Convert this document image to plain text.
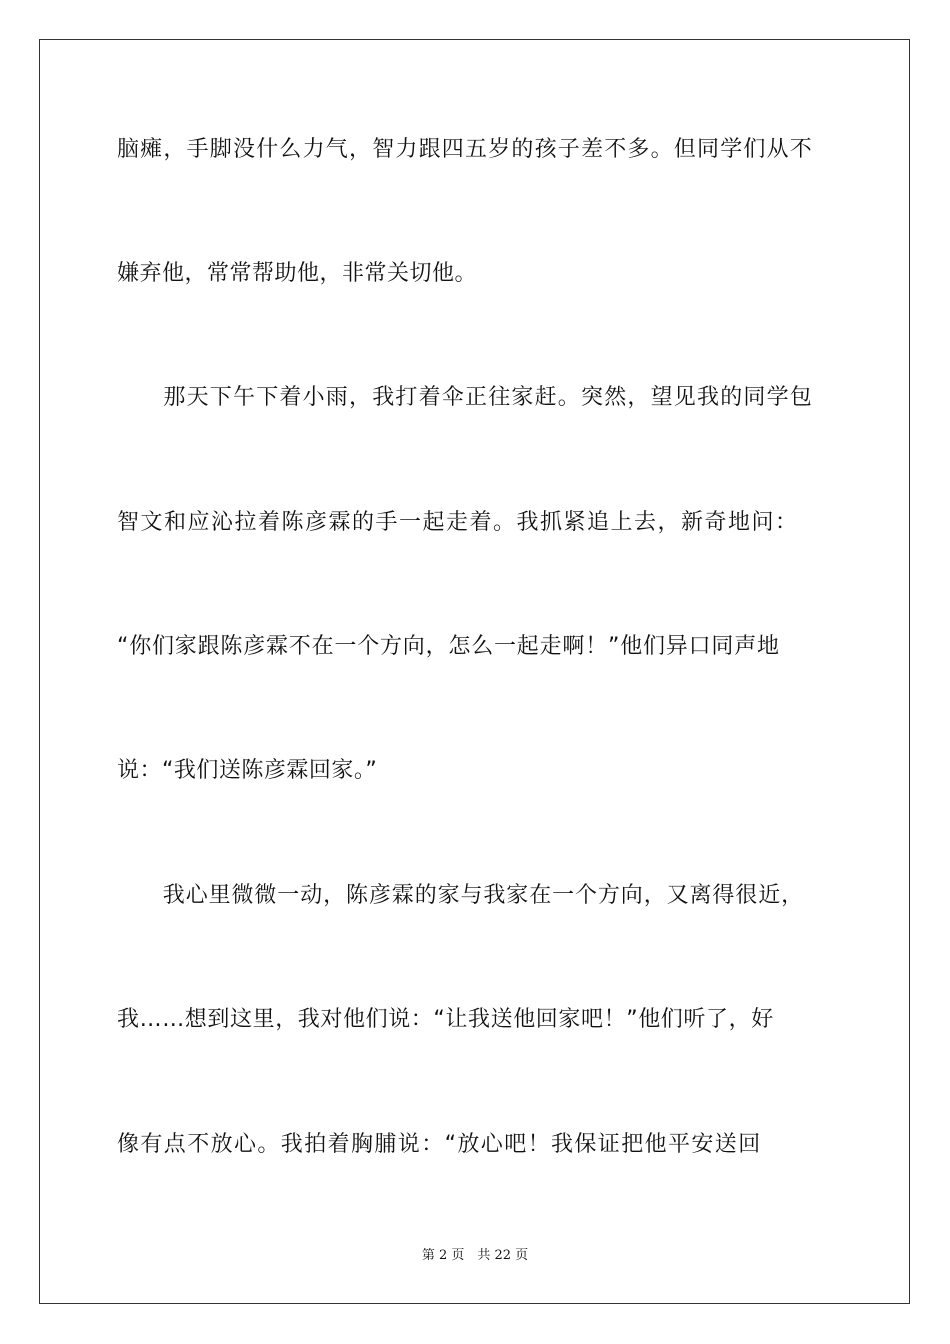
脑瘫，手脚没什么力气，智力跟四五岁的孩子差不多。但同学们从不
嫌弃他，常常帮助他，非常关切他。
　　那天下午下着小雨，我打着伞正往家赶。突然，望见我的同学包
智文和应沁拉着陈彦霖的手一起走着。我抓紧追上去，新奇地问：
“你们家跟陈彦霖不在一个方向，怎么一起走啊！”他们异口同声地
说：“我们送陈彦霖回家。”
　　我心里微微一动，陈彦霖的家与我家在一个方向，又离得很近，
我……想到这里，我对他们说：“让我送他回家吧！”他们听了，好
像有点不放心。我拍着胸脯说：“放心吧！我保证把他平安送回
第 2 页　共 22 页
